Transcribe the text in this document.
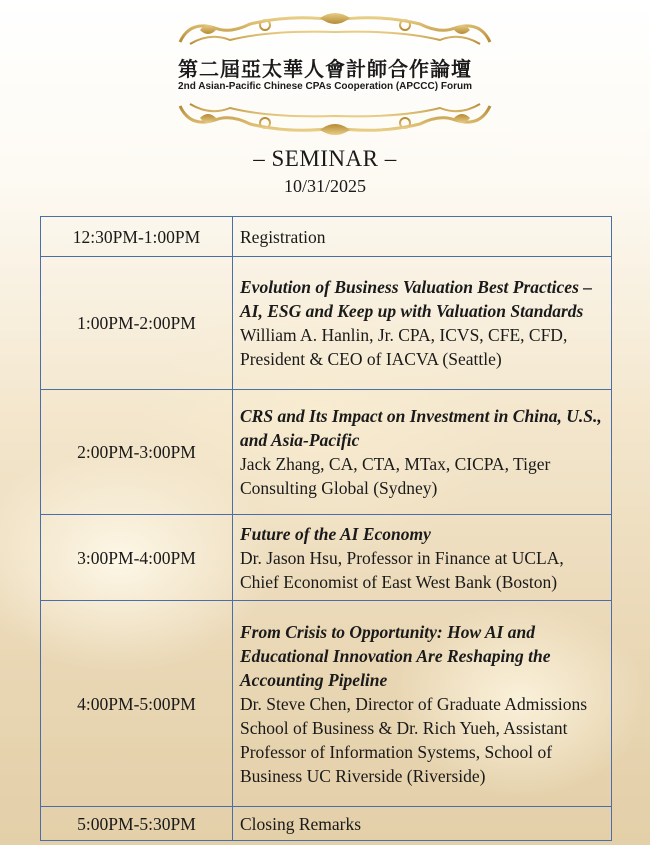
第二屆亞太華人會計師合作論壇
2nd Asian-Pacific Chinese CPAs Cooperation (APCCC) Forum
– SEMINAR –
10/31/2025
12:30PM-1:00PM	Registration

1:00PM-2:00PM	Evolution of Business Valuation Best Practices – AI, ESG and Keep up with Valuation Standards
William A. Hanlin, Jr. CPA, ICVS, CFE, CFD, President & CEO of IACVA (Seattle)

2:00PM-3:00PM	CRS and Its Impact on Investment in China, U.S., and Asia-Pacific
Jack Zhang, CA, CTA, MTax, CICPA, Tiger Consulting Global (Sydney)

3:00PM-4:00PM	Future of the AI Economy
Dr. Jason Hsu, Professor in Finance at UCLA, Chief Economist of East West Bank (Boston)

4:00PM-5:00PM	From Crisis to Opportunity: How AI and Educational Innovation Are Reshaping the Accounting Pipeline
Dr. Steve Chen, Director of Graduate Admissions School of Business & Dr. Rich Yueh, Assistant Professor of Information Systems, School of Business UC Riverside (Riverside)

5:00PM-5:30PM	Closing Remarks
